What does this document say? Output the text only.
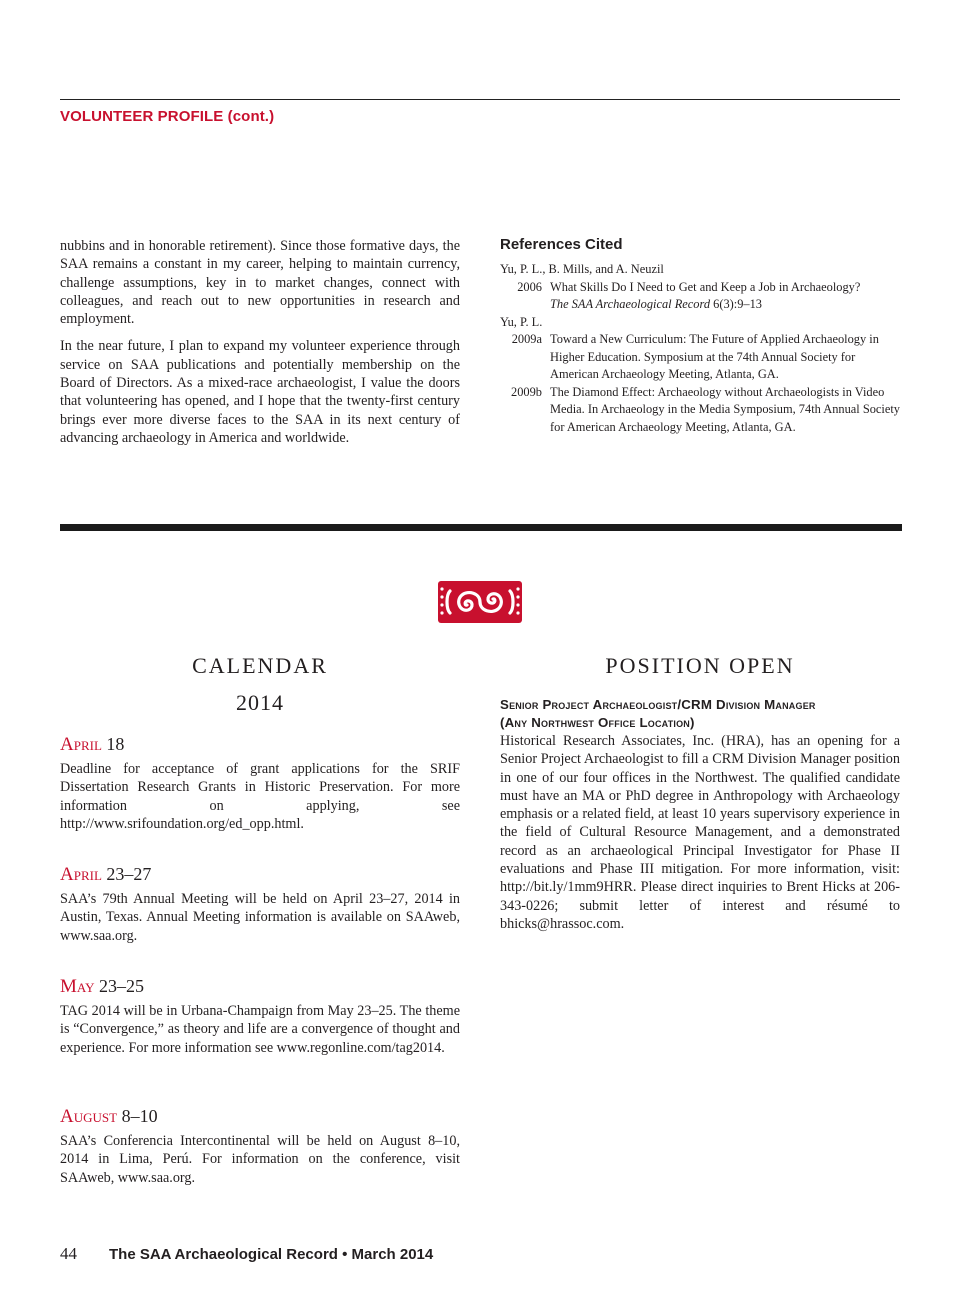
VOLUNTEER PROFILE (cont.)

nubbins and in honorable retirement). Since those formative days, the SAA remains a constant in my career, helping to maintain currency, challenge assumptions, key in to market changes, connect with colleagues, and reach out to new opportunities in research and employment.

In the near future, I plan to expand my volunteer experience through service on SAA publications and potentially membership on the Board of Directors. As a mixed-race archaeologist, I value the doors that volunteering has opened, and I hope that the twenty-first century brings ever more diverse faces to the SAA in its next century of advancing archaeology in America and worldwide.

References Cited
Yu, P. L., B. Mills, and A. Neuzil
2006 What Skills Do I Need to Get and Keep a Job in Archaeology?
The SAA Archaeological Record 6(3):9–13
Yu, P. L.
2009a Toward a New Curriculum: The Future of Applied Archaeology in Higher Education. Symposium at the 74th Annual Society for American Archaeology Meeting, Atlanta, GA.
2009b The Diamond Effect: Archaeology without Archaeologists in Video Media. In Archaeology in the Media Symposium, 74th Annual Society for American Archaeology Meeting, Atlanta, GA.
CALENDAR
2014
April 18

Deadline for acceptance of grant applications for the SRIF Dissertation Research Grants in Historic Preservation. For more information on applying, see http://www.srifoundation.org/ed_opp.html.

April 23–27

SAA’s 79th Annual Meeting will be held on April 23–27, 2014 in Austin, Texas. Annual Meeting information is available on SAAweb, www.saa.org.

May 23–25

TAG 2014 will be in Urbana-Champaign from May 23–25. The theme is “Convergence,” as theory and life are a convergence of thought and experience. For more information see www.regonline.com/tag2014.

August 8–10

SAA’s Conferencia Intercontinental will be held on August 8–10, 2014 in Lima, Perú. For information on the conference, visit SAAweb, www.saa.org.

POSITION OPEN
Senior Project Archaeologist/CRM Division Manager
(Any Northwest Office Location)

Historical Research Associates, Inc. (HRA), has an opening for a Senior Project Archaeologist to fill a CRM Division Manager position in one of our four offices in the Northwest. The qualified candidate must have an MA or PhD degree in Anthropology with Archaeology emphasis or a related field, at least 10 years supervisory experience in the field of Cultural Resource Management, and a demonstrated record as an archaeological Principal Investigator for Phase II evaluations and Phase III mitigation. For more information, visit: http://bit.ly/1mm9HRR. Please direct inquiries to Brent Hicks at 206-343-0226; submit letter of interest and résumé to bhicks@hrassoc.com.

44 The SAA Archaeological Record • March 2014
